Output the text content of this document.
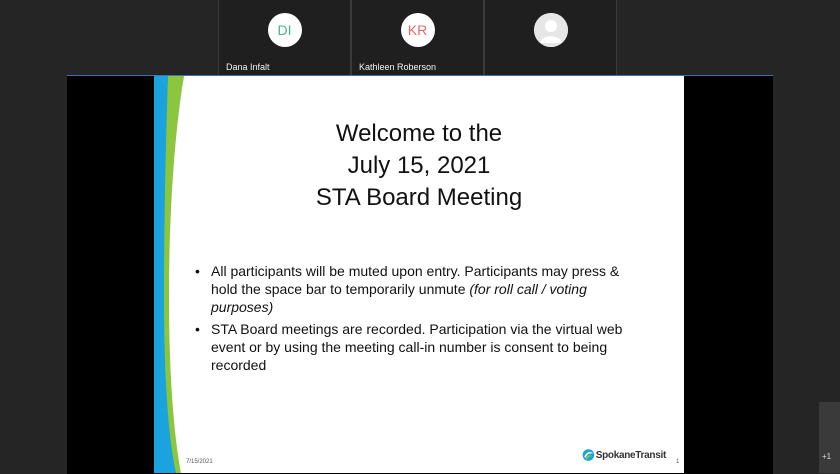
DI
Dana Infalt
KR
Kathleen Roberson
Welcome to the
July 15, 2021
STA Board Meeting
• All participants will be muted upon entry. Participants may press & hold the space bar to temporarily unmute (for roll call / voting purposes)
• STA Board meetings are recorded. Participation via the virtual web event or by using the meeting call-in number is consent to being recorded
7/15/2021
SpokaneTransit
1
+1
